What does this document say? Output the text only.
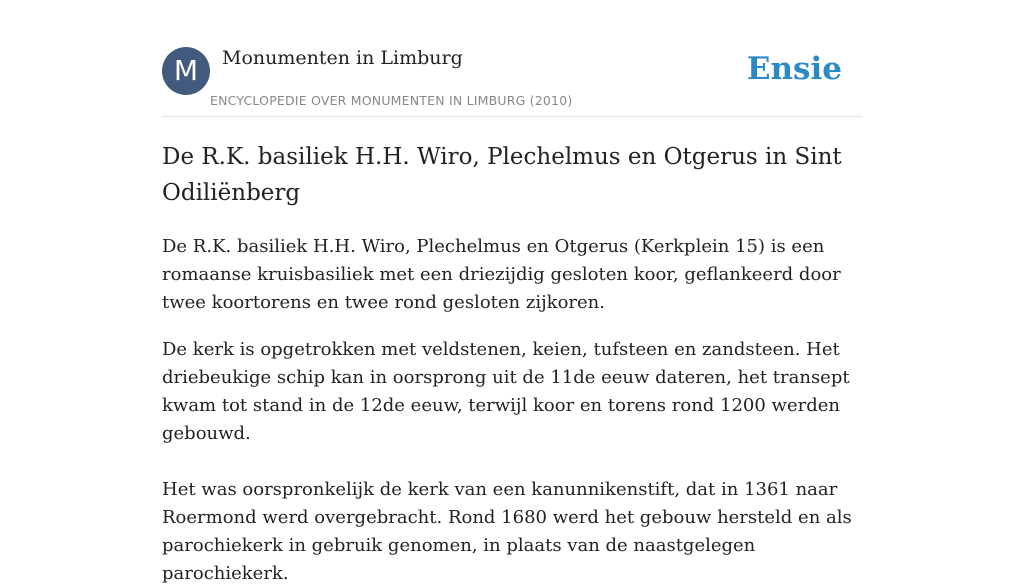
M	Monumenten in Limburg
ENCYCLOPEDIE OVER MONUMENTEN IN LIMBURG (2010)
Ensie
De R.K. basiliek H.H. Wiro, Plechelmus en Otgerus in Sint Odiliënberg

De R.K. basiliek H.H. Wiro, Plechelmus en Otgerus (Kerkplein 15) is een romaanse kruisbasiliek met een driezijdig gesloten koor, geflankeerd door twee koortorens en twee rond gesloten zijkoren.

De kerk is opgetrokken met veldstenen, keien, tufsteen en zandsteen. Het driebeukige schip kan in oorsprong uit de 11de eeuw dateren, het transept kwam tot stand in de 12de eeuw, terwijl koor en torens rond 1200 werden gebouwd.

Het was oorspronkelijk de kerk van een kanunnikenstift, dat in 1361 naar Roermond werd overgebracht. Rond 1680 werd het gebouw hersteld en als parochiekerk in gebruik genomen, in plaats van de naastgelegen parochiekerk.
